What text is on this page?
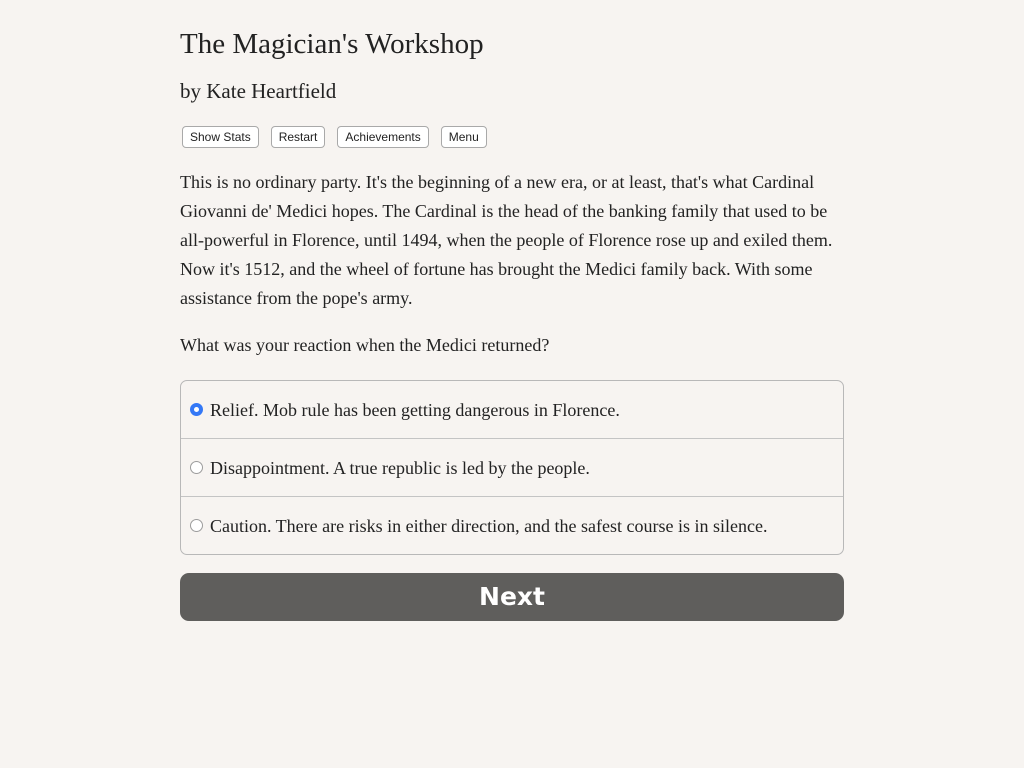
The Magician's Workshop
by Kate Heartfield
Show Stats	Restart	Achievements	Menu
This is no ordinary party. It's the beginning of a new era, or at least, that's what Cardinal Giovanni de' Medici hopes. The Cardinal is the head of the banking family that used to be all-powerful in Florence, until 1494, when the people of Florence rose up and exiled them. Now it's 1512, and the wheel of fortune has brought the Medici family back. With some assistance from the pope's army.
What was your reaction when the Medici returned?
Relief. Mob rule has been getting dangerous in Florence.
Disappointment. A true republic is led by the people.
Caution. There are risks in either direction, and the safest course is in silence.
Next
